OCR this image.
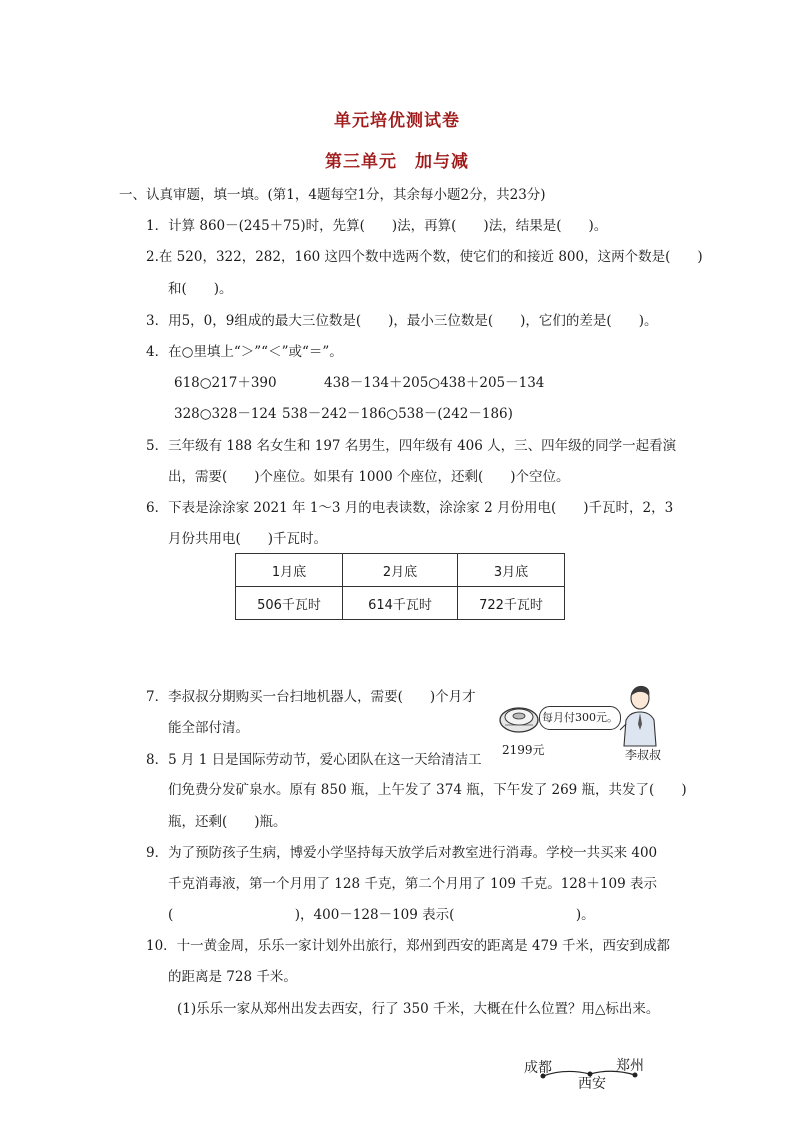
单元培优测试卷
第三单元　加与减
一、认真审题，填一填。(第1，4题每空1分，其余每小题2分，共23分)
1．计算 860－(245＋75)时，先算(　　)法，再算(　　)法，结果是(　　)。
2.在 520，322，282，160 这四个数中选两个数，使它们的和接近 800，这两个数是(　　)
和(　　)。
3．用5，0，9组成的最大三位数是(　　)，最小三位数是(　　)，它们的差是(　　)。
4．在○里填上“＞”“＜”或“＝”。
618○217＋390	438－134＋205○438＋205－134
328○328－124 538－242－186○538－(242－186)
5．三年级有 188 名女生和 197 名男生，四年级有 406 人，三、四年级的同学一起看演
出，需要(　　)个座位。如果有 1000 个座位，还剩(　　)个空位。
6．下表是涂涂家 2021 年 1～3 月的电表读数，涂涂家 2 月份用电(　　)千瓦时，2，3
月份共用电(　　)千瓦时。
1月底	2月底	3月底
506千瓦时	614千瓦时	722千瓦时
7．李叔叔分期购买一台扫地机器人，需要(　　)个月才
能全部付清。
2199元
每月付300元。
李叔叔
8．5 月 1 日是国际劳动节，爱心团队在这一天给清洁工
们免费分发矿泉水。原有 850 瓶，上午发了 374 瓶，下午发了 269 瓶，共发了(　　)
瓶，还剩(　　)瓶。
9．为了预防孩子生病，博爱小学坚持每天放学后对教室进行消毒。学校一共买来 400
千克消毒液，第一个月用了 128 千克，第二个月用了 109 千克。128＋109 表示
(　　　　　　　　　)，400－128－109 表示(　　　　　　　　　)。
10．十一黄金周，乐乐一家计划外出旅行，郑州到西安的距离是 479 千米，西安到成都
的距离是 728 千米。
(1)乐乐一家从郑州出发去西安，行了 350 千米，大概在什么位置？用△标出来。
成都
西安
郑州
